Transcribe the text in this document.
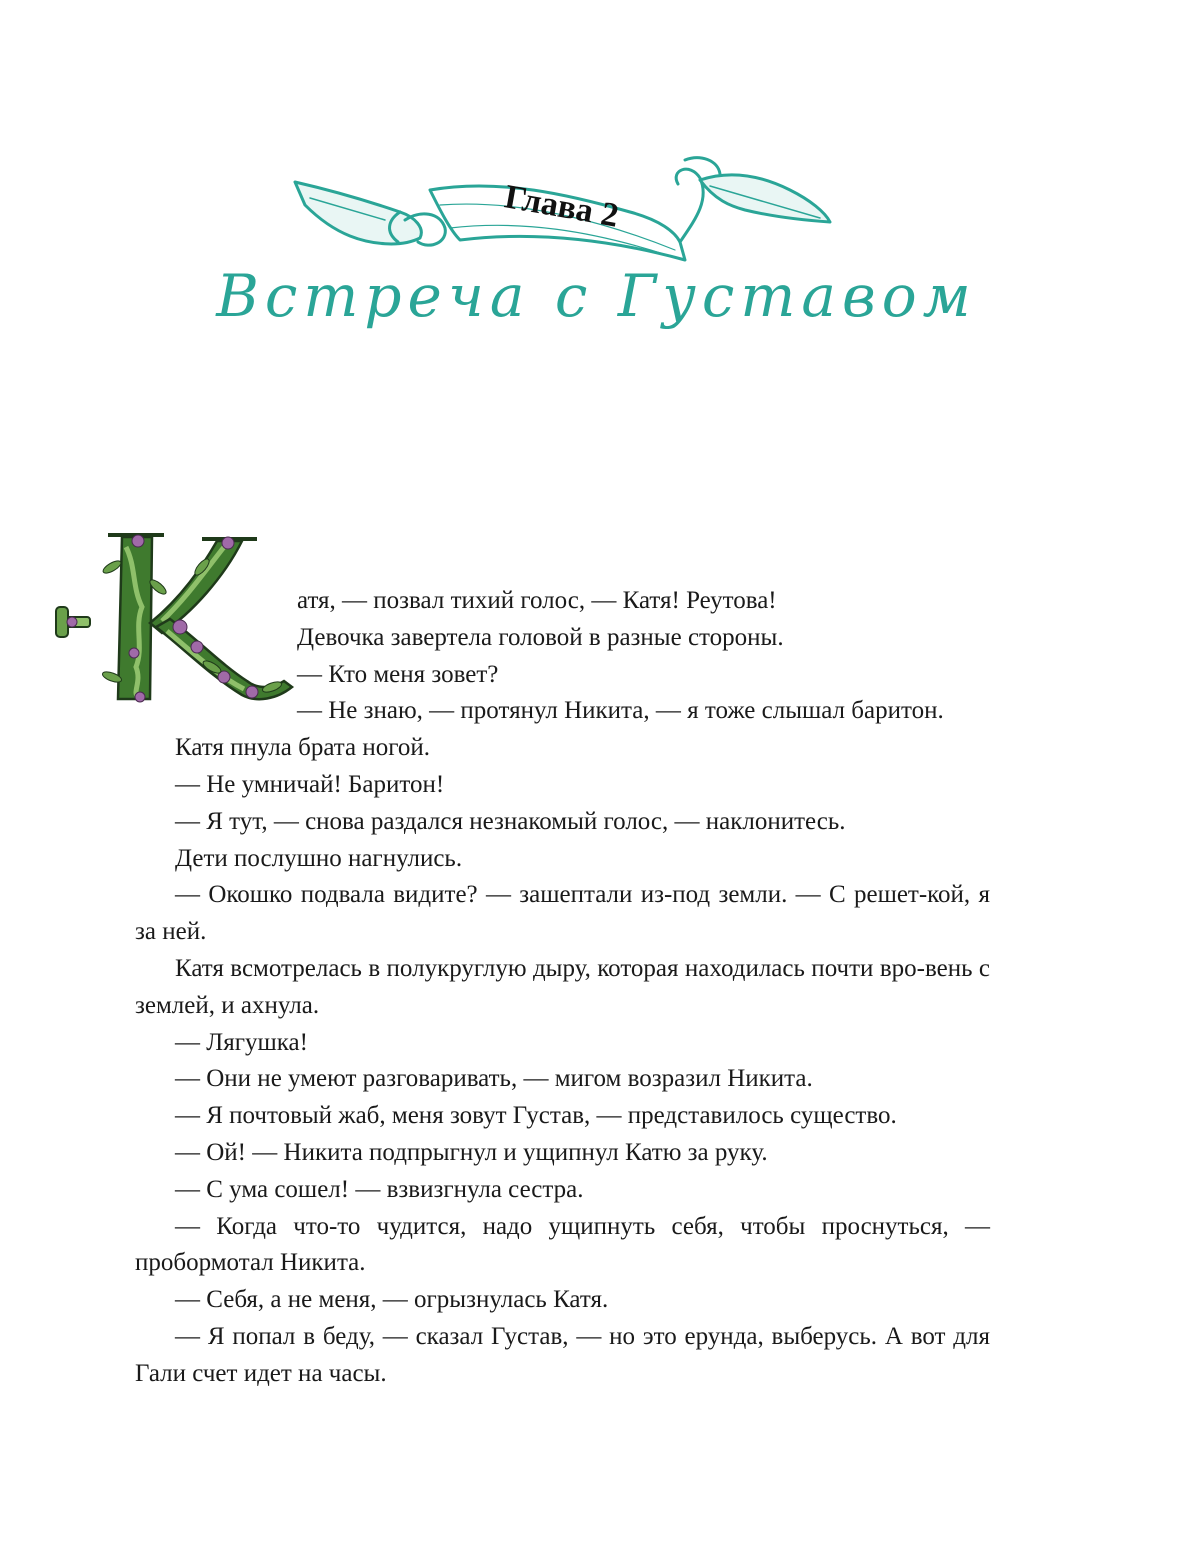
Глава 2
Встреча с Густавом

атя, — позвал тихий голос, — Катя! Реутова!

Девочка завертела головой в разные стороны.

— Кто меня зовет?

— Не знаю, — протянул Никита, — я тоже слышал баритон.

Катя пнула брата ногой.

— Не умничай! Баритон!

— Я тут, — снова раздался незнакомый голос, — наклонитесь.

Дети послушно нагнулись.

— Окошко подвала видите? — зашептали из-под земли. — С решет-кой, я за ней.

Катя всмотрелась в полукруглую дыру, которая находилась почти вро-вень с землей, и ахнула.

— Лягушка!

— Они не умеют разговаривать, — мигом возразил Никита.

— Я почтовый жаб, меня зовут Густав, — представилось существо.

— Ой! — Никита подпрыгнул и ущипнул Катю за руку.

— С ума сошел! — взвизгнула сестра.

— Когда что-то чудится, надо ущипнуть себя, чтобы проснуться, — пробормотал Никита.

— Себя, а не меня, — огрызнулась Катя.

— Я попал в беду, — сказал Густав, — но это ерунда, выберусь. А вот для Гали счет идет на часы.
